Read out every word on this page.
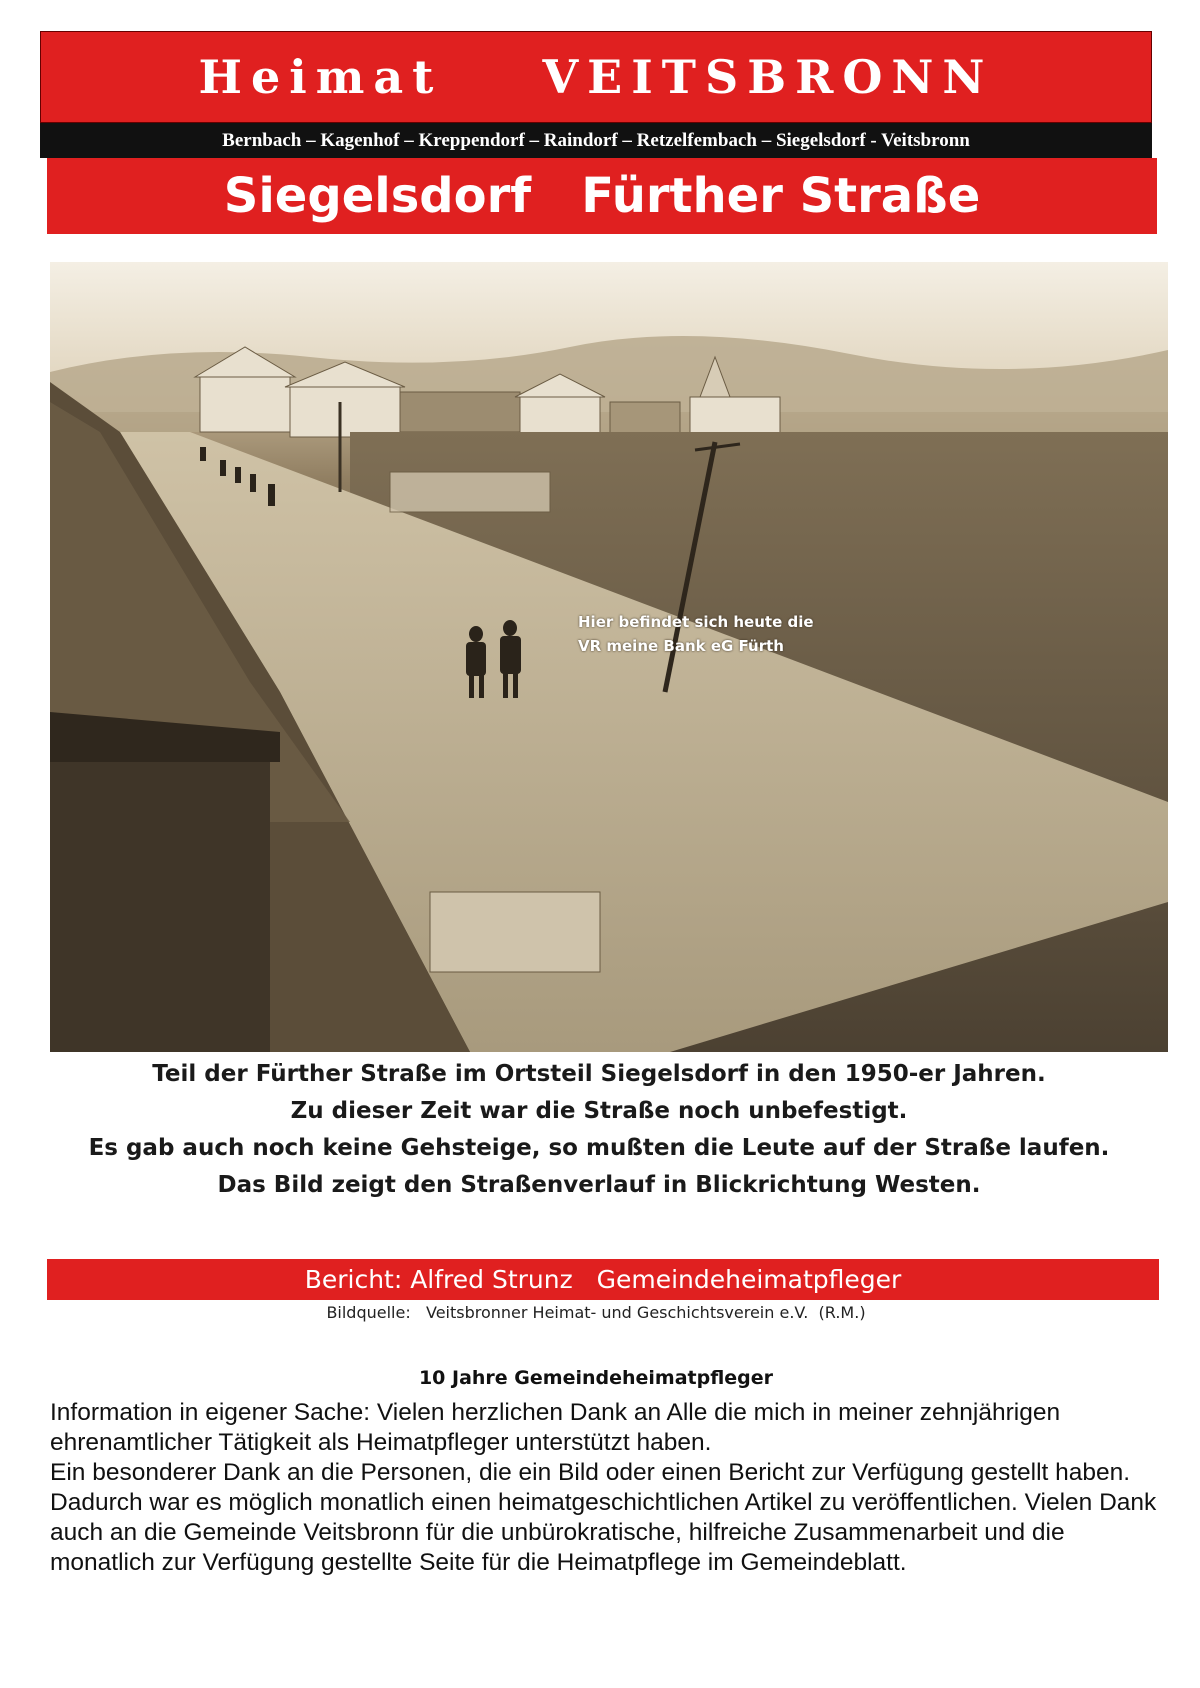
Heimat    VEITSBRONN
Bernbach – Kagenhof – Kreppendorf – Raindorf – Retzelfembach – Siegelsdorf - Veitsbronn
Siegelsdorf   Fürther Straße
Hier befindet sich heute die
VR meine Bank eG Fürth
Teil der Fürther Straße im Ortsteil Siegelsdorf in den 1950-er Jahren.
Zu dieser Zeit war die Straße noch unbefestigt.
Es gab auch noch keine Gehsteige, so mußten die Leute auf der Straße laufen.
Das Bild zeigt den Straßenverlauf in Blickrichtung Westen.
Bericht: Alfred Strunz   Gemeindeheimatpfleger
Bildquelle:   Veitsbronner Heimat- und Geschichtsverein e.V.  (R.M.)
10 Jahre Gemeindeheimatpfleger

Information in eigener Sache: Vielen herzlichen Dank an Alle die mich in meiner zehnjährigen ehrenamtlicher Tätigkeit als Heimatpfleger unterstützt haben.

Ein besonderer Dank an die Personen, die ein Bild oder einen Bericht zur Verfügung gestellt haben. Dadurch war es möglich monatlich einen heimatgeschichtlichen Artikel zu veröffentlichen. Vielen Dank auch an die Gemeinde Veitsbronn für die unbürokratische, hilfreiche Zusammenarbeit und die monatlich zur Verfügung gestellte Seite für die Heimatpflege im Gemeindeblatt.
